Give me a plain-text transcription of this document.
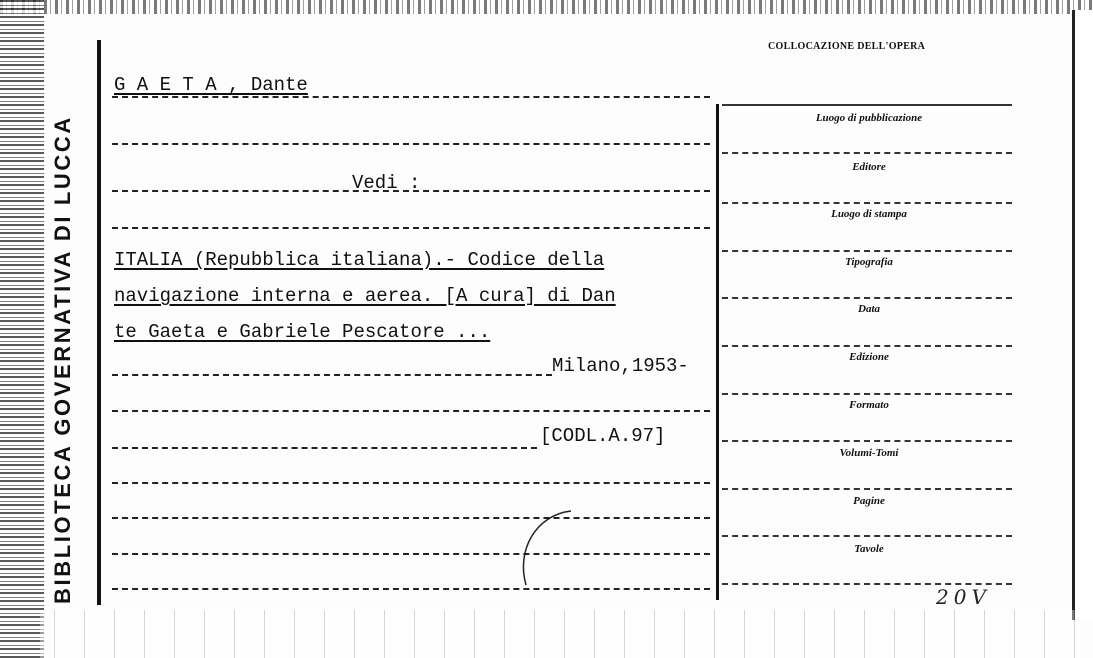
BIBLIOTECA GOVERNATIVA DI LUCCA
COLLOCAZIONE DELL'OPERA
G A E T A , Dante
Vedi :
ITALIA (Repubblica italiana).- Codice della
navigazione interna e aerea. [A cura] di Dan
te Gaeta e Gabriele Pescatore ...
Milano,1953-
[CODL.A.97]
Luogo di pubblicazione
Editore
Luogo di stampa
Tipografia
Data
Edizione
Formato
Volumi-Tomi
Pagine
Tavole
20V
